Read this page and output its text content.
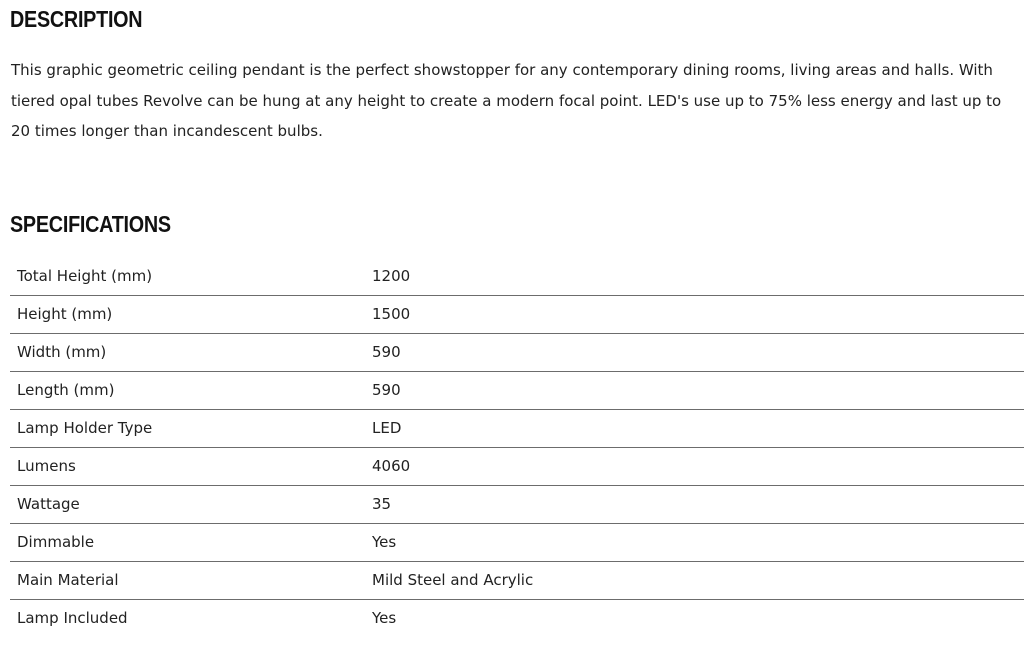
DESCRIPTION

This graphic geometric ceiling pendant is the perfect showstopper for any contemporary dining rooms, living areas and halls. With tiered opal tubes Revolve can be hung at any height to create a modern focal point. LED's use up to 75% less energy and last up to 20 times longer than incandescent bulbs.

SPECIFICATIONS
Total Height (mm)	1200
Height (mm)	1500
Width (mm)	590
Length (mm)	590
Lamp Holder Type	LED
Lumens	4060
Wattage	35
Dimmable	Yes
Main Material	Mild Steel and Acrylic
Lamp Included	Yes
